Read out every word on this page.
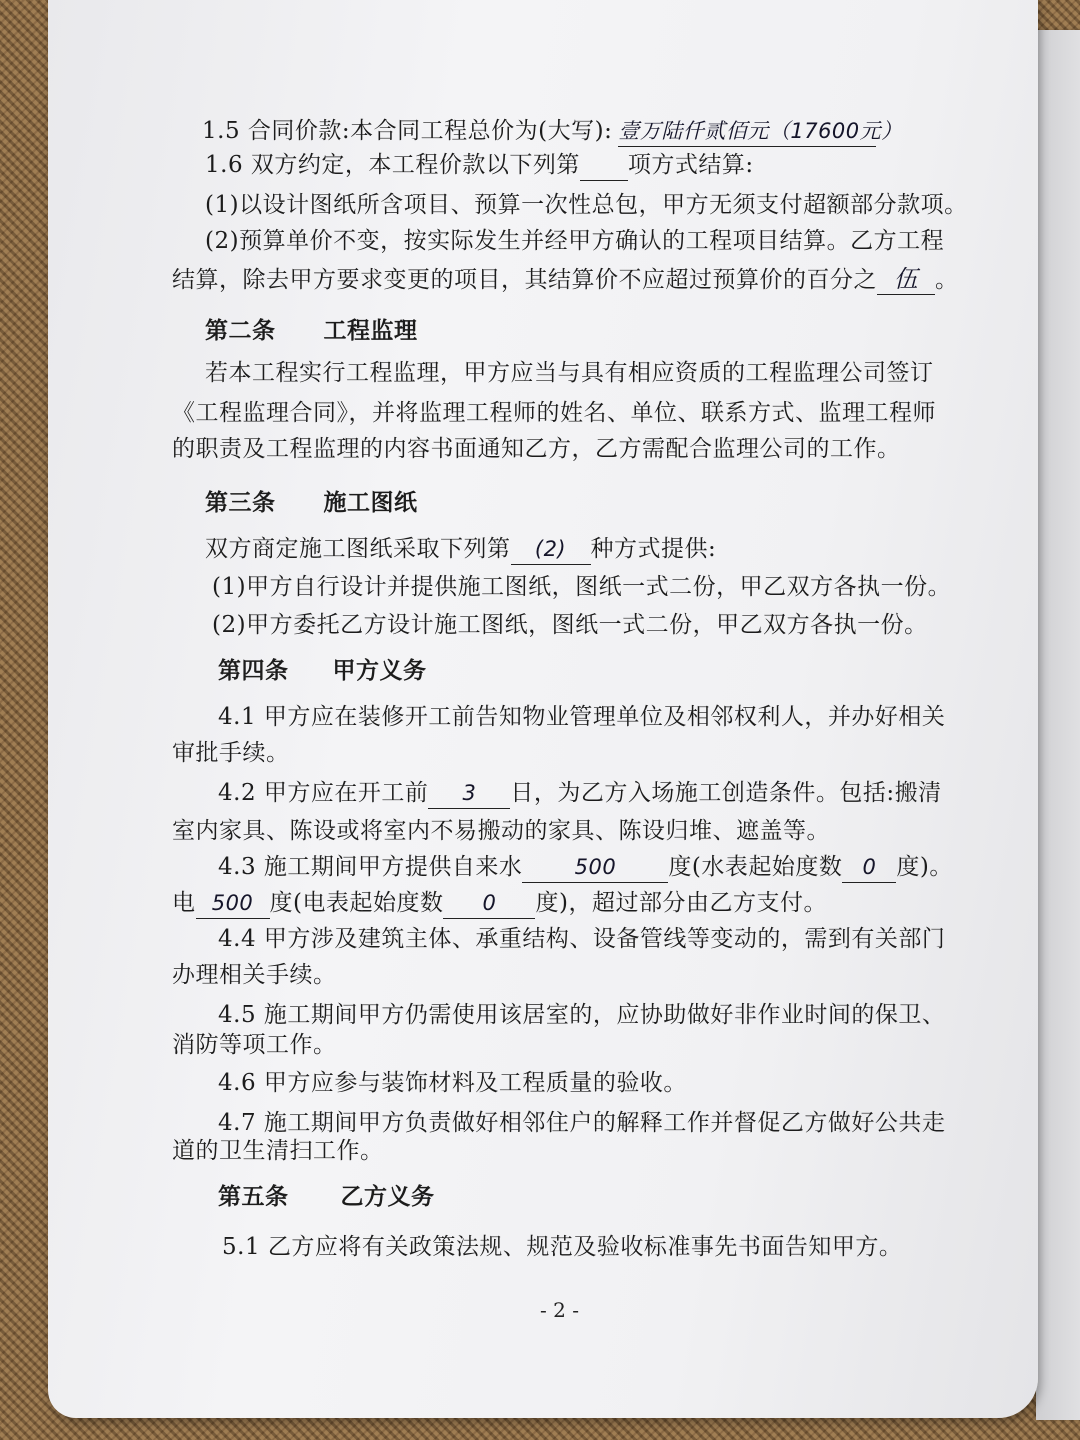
1.5 合同价款:本合同工程总价为(大写): 壹万陆仟贰佰元（17600元）
1.6 双方约定，本工程价款以下列第 项方式结算:
(1)以设计图纸所含项目、预算一次性总包，甲方无须支付超额部分款项。
(2)预算单价不变，按实际发生并经甲方确认的工程项目结算。乙方工程
结算，除去甲方要求变更的项目，其结算价不应超过预算价的百分之 伍 。
第二条 工程监理
若本工程实行工程监理，甲方应当与具有相应资质的工程监理公司签订
《工程监理合同》，并将监理工程师的姓名、单位、联系方式、监理工程师
的职责及工程监理的内容书面通知乙方，乙方需配合监理公司的工作。
第三条 施工图纸
双方商定施工图纸采取下列第 (2) 种方式提供:
(1)甲方自行设计并提供施工图纸，图纸一式二份，甲乙双方各执一份。
(2)甲方委托乙方设计施工图纸，图纸一式二份，甲乙双方各执一份。
第四条 甲方义务
4.1 甲方应在装修开工前告知物业管理单位及相邻权利人，并办好相关
审批手续。
4.2 甲方应在开工前 3 日，为乙方入场施工创造条件。包括:搬清
室内家具、陈设或将室内不易搬动的家具、陈设归堆、遮盖等。
4.3 施工期间甲方提供自来水 500 度(水表起始度数 0 度)。
电 500 度(电表起始度数 0 度)，超过部分由乙方支付。
4.4 甲方涉及建筑主体、承重结构、设备管线等变动的，需到有关部门
办理相关手续。
4.5 施工期间甲方仍需使用该居室的，应协助做好非作业时间的保卫、
消防等项工作。
4.6 甲方应参与装饰材料及工程质量的验收。
4.7 施工期间甲方负责做好相邻住户的解释工作并督促乙方做好公共走
道的卫生清扫工作。
第五条 乙方义务
5.1 乙方应将有关政策法规、规范及验收标准事先书面告知甲方。
- 2 -
